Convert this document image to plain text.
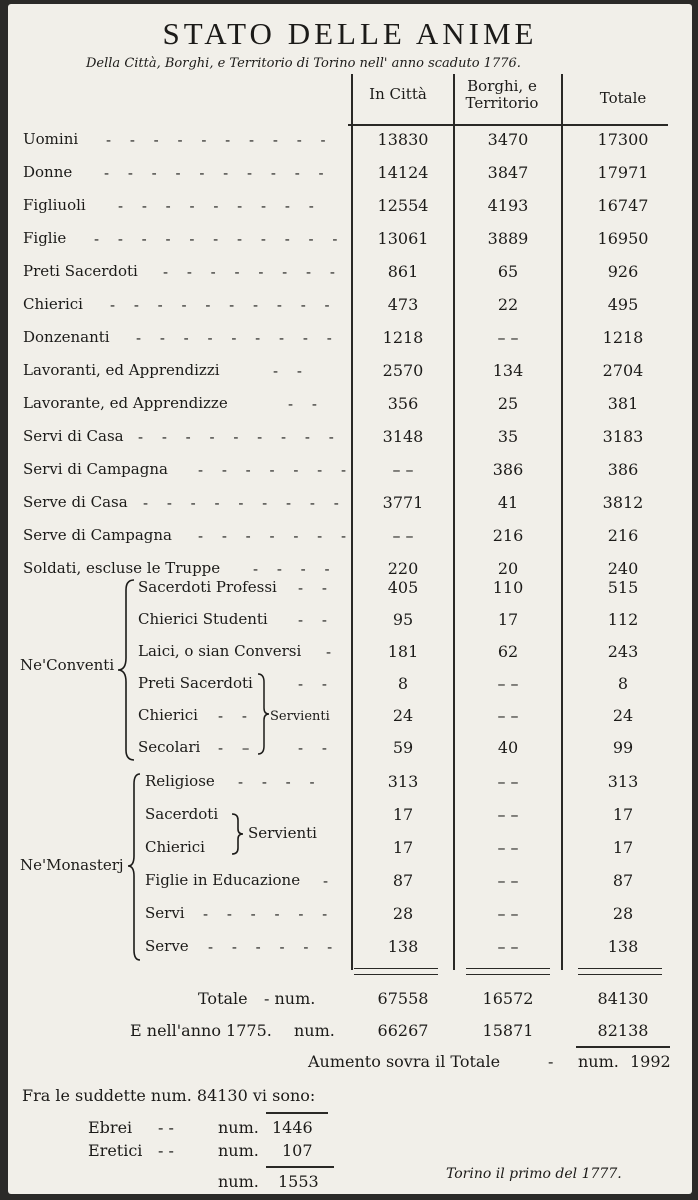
STATO DELLE ANIME
Della Città, Borghi, e Territorio di Torino nell' anno scaduto 1776.
In Città	Borghi, e Territorio	Totale
Uomini - - - - - - - - - -	13830	3470	17300
Donne - - - - - - - - - -	14124	3847	17971
Figliuoli - - - - - - - - -	12554	4193	16747
Figlie - - - - - - - - - - -	13061	3889	16950
Preti Sacerdoti - - - - - - - -	861	65	926
Chierici - - - - - - - - - -	473	22	495
Donzenanti - - - - - - - - -	1218	– –	1218
Lavoranti, ed Apprendizzi	- -	2570	134	2704
Lavorante, ed Apprendizze	- -	356	25	381
Servi di Casa - - - - - - - - -	3148	35	3183
Servi di Campagna - - - - - - -	– –	386	386
Serve di Casa - - - - - - - - -	3771	41	3812
Serve di Campagna - - - - - - -	– –	216	216
Soldati, escluse le Truppe - - - -	220	20	240
Ne'Conventi
Sacerdoti Professi - -	405	110	515
Chierici Studenti - -	95	17	112
Laici, o sian Conversi -	181	62	243
Preti Sacerdoti	- -	8	– –	8
Chierici - -	24	– –	24
Secolari - –	- -	59	40	99
Servienti
Ne'Monasterj
Religiose - - - -	313	– –	313
Sacerdoti	17	– –	17
Chierici	17	– –	17
Figlie in Educazione -	87	– –	87
Servi - - - - - -	28	– –	28
Serve - - - - - -	138	– –	138
Servienti
Totale - num.	67558	16572	84130
E nell'anno 1775. num.	66267	15871	82138
Aumento sovra il Totale	- num. 1992
Fra le suddette num. 84130 vi sono:
Ebrei - -	num. 1446
Eretici - -	num. 107
num. 1553	Torino il primo del 1777.
